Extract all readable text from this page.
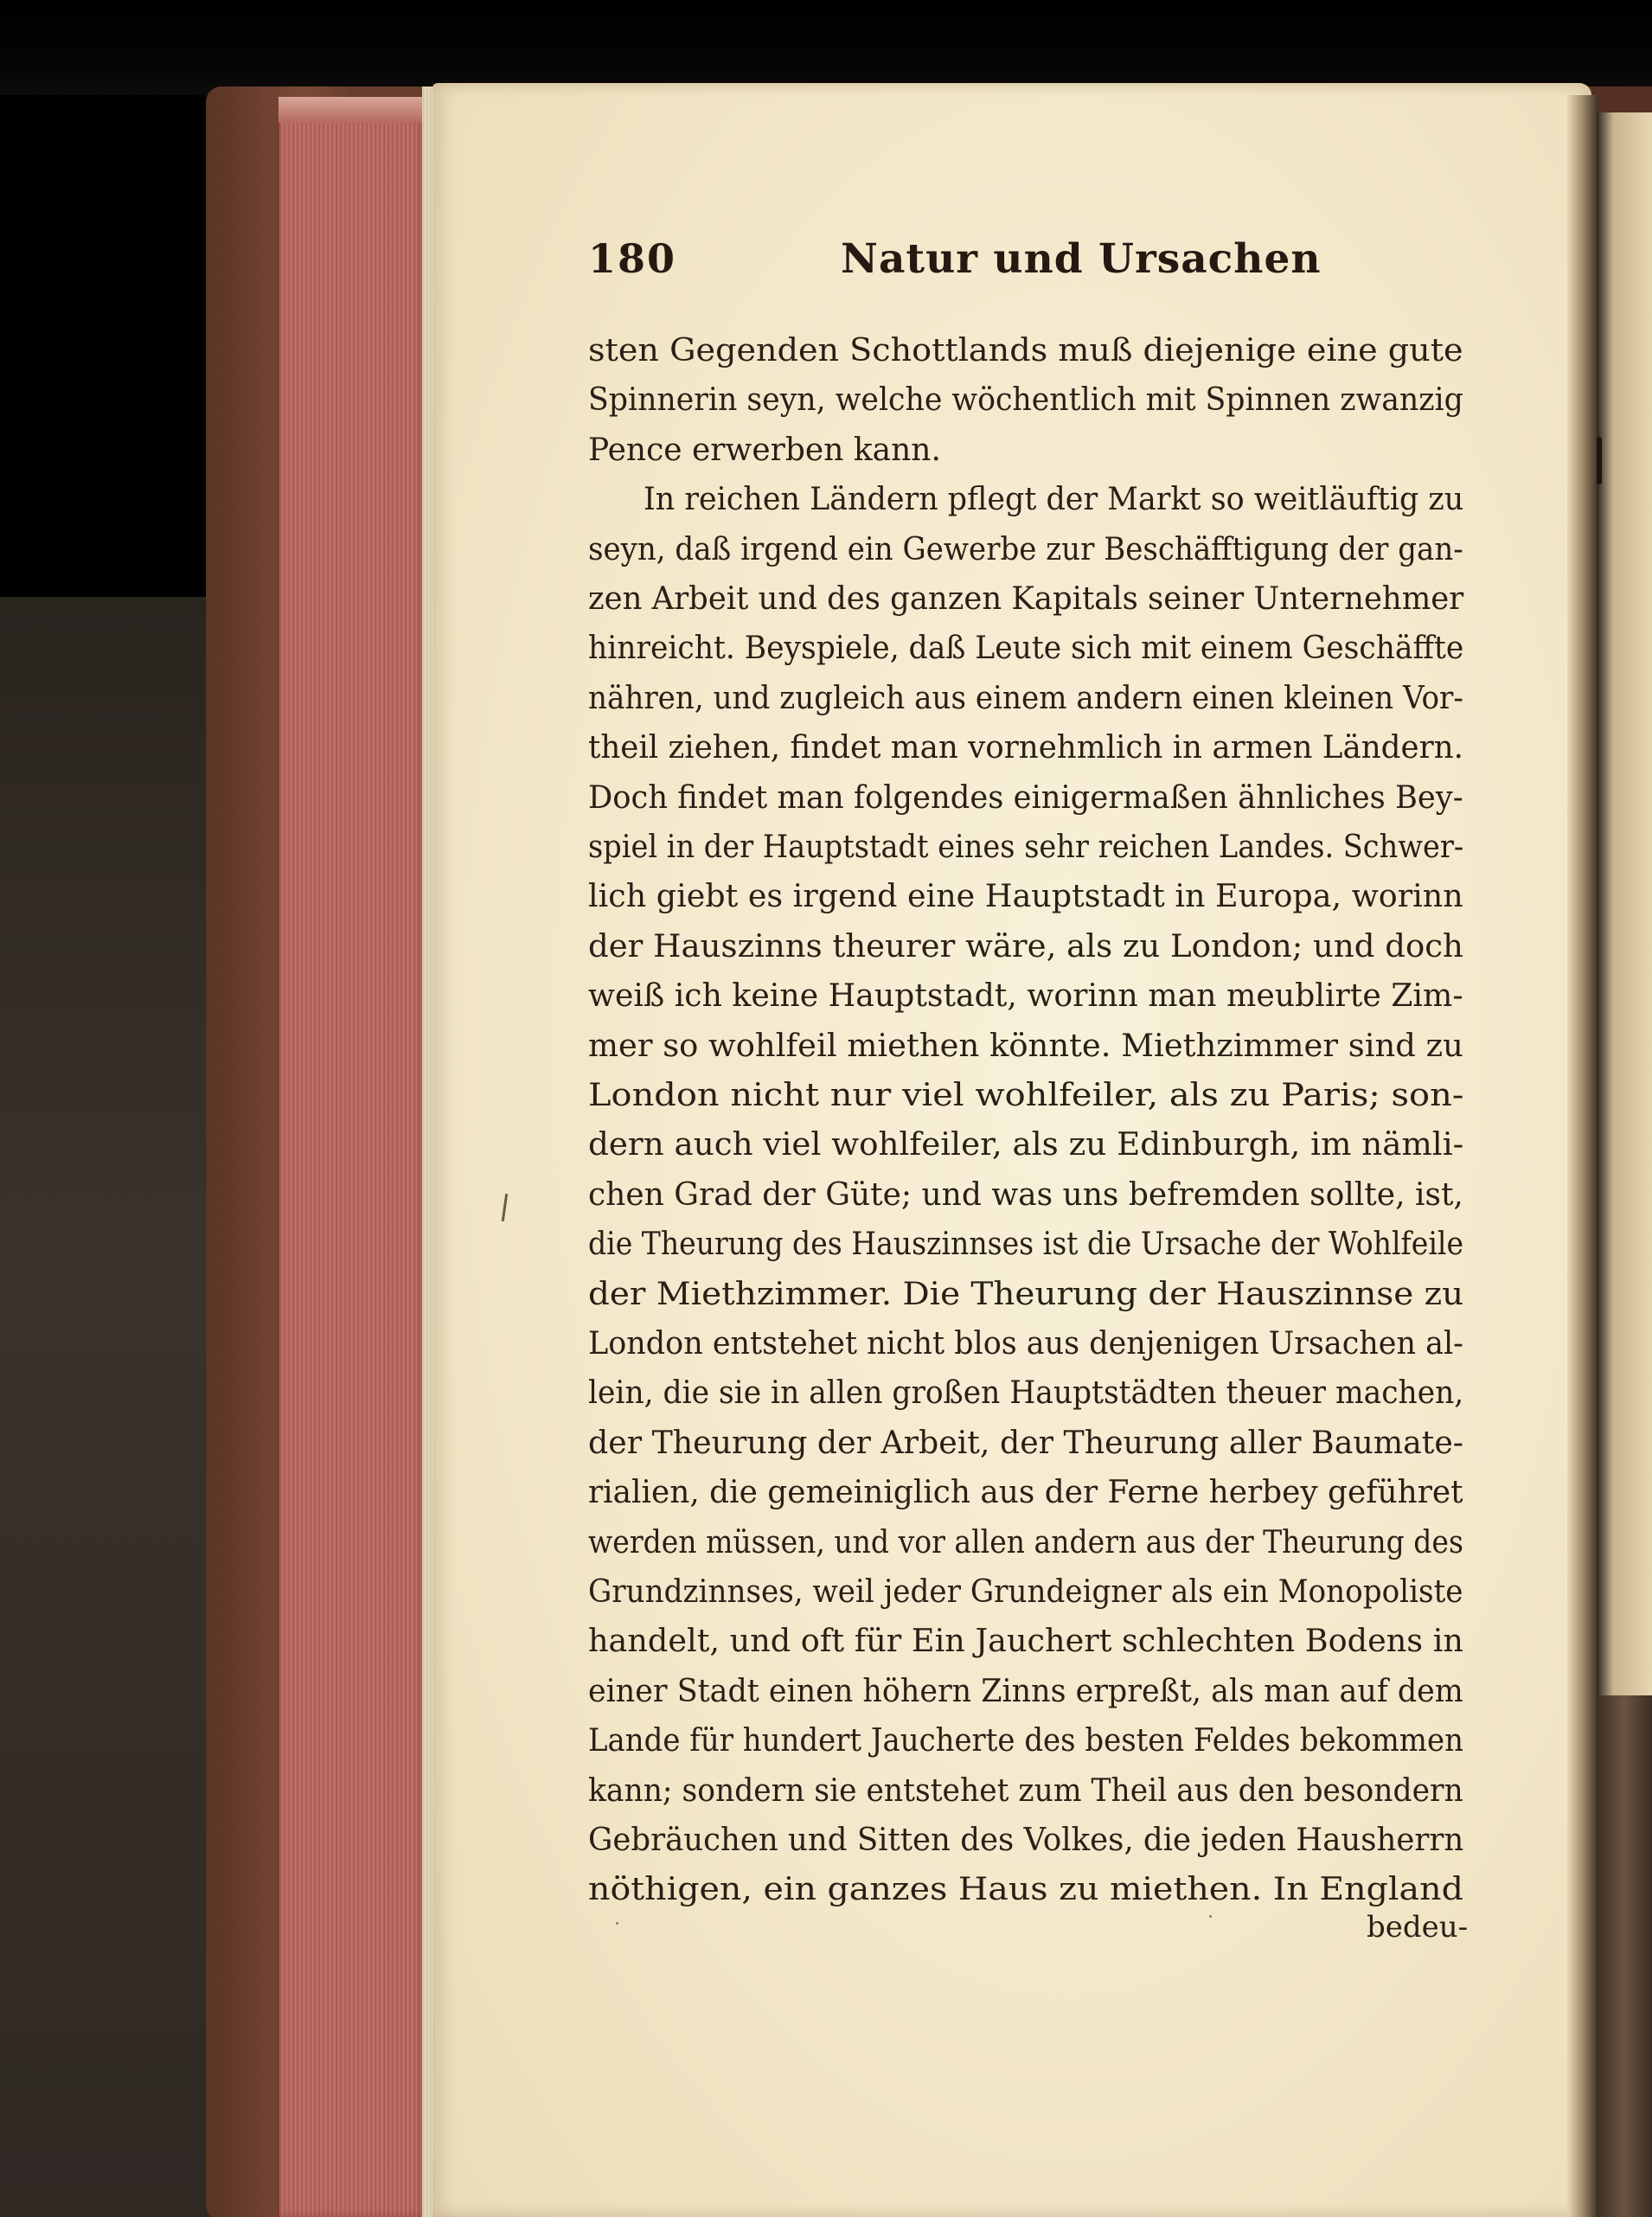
180	Natur und Ursachen
sten Gegenden Schottlands muß diejenige eine gute
Spinnerin seyn, welche wöchentlich mit Spinnen zwanzig
Pence erwerben kann.
In reichen Ländern pflegt der Markt so weitläuftig zu
seyn, daß irgend ein Gewerbe zur Beschäfftigung der gan-
zen Arbeit und des ganzen Kapitals seiner Unternehmer
hinreicht. Beyspiele, daß Leute sich mit einem Geschäffte
nähren, und zugleich aus einem andern einen kleinen Vor-
theil ziehen, findet man vornehmlich in armen Ländern.
Doch findet man folgendes einigermaßen ähnliches Bey-
spiel in der Hauptstadt eines sehr reichen Landes. Schwer-
lich giebt es irgend eine Hauptstadt in Europa, worinn
der Hauszinns theurer wäre, als zu London; und doch
weiß ich keine Hauptstadt, worinn man meublirte Zim-
mer so wohlfeil miethen könnte. Miethzimmer sind zu
London nicht nur viel wohlfeiler, als zu Paris; son-
dern auch viel wohlfeiler, als zu Edinburgh, im nämli-
chen Grad der Güte; und was uns befremden sollte, ist,
die Theurung des Hauszinnses ist die Ursache der Wohlfeile
der Miethzimmer. Die Theurung der Hauszinnse zu
London entstehet nicht blos aus denjenigen Ursachen al-
lein, die sie in allen großen Hauptstädten theuer machen,
der Theurung der Arbeit, der Theurung aller Baumate-
rialien, die gemeiniglich aus der Ferne herbey geführet
werden müssen, und vor allen andern aus der Theurung des
Grundzinnses, weil jeder Grundeigner als ein Monopoliste
handelt, und oft für Ein Jauchert schlechten Bodens in
einer Stadt einen höhern Zinns erpreßt, als man auf dem
Lande für hundert Jaucherte des besten Feldes bekommen
kann; sondern sie entstehet zum Theil aus den besondern
Gebräuchen und Sitten des Volkes, die jeden Hausherrn
nöthigen, ein ganzes Haus zu miethen. In England
bedeu-
